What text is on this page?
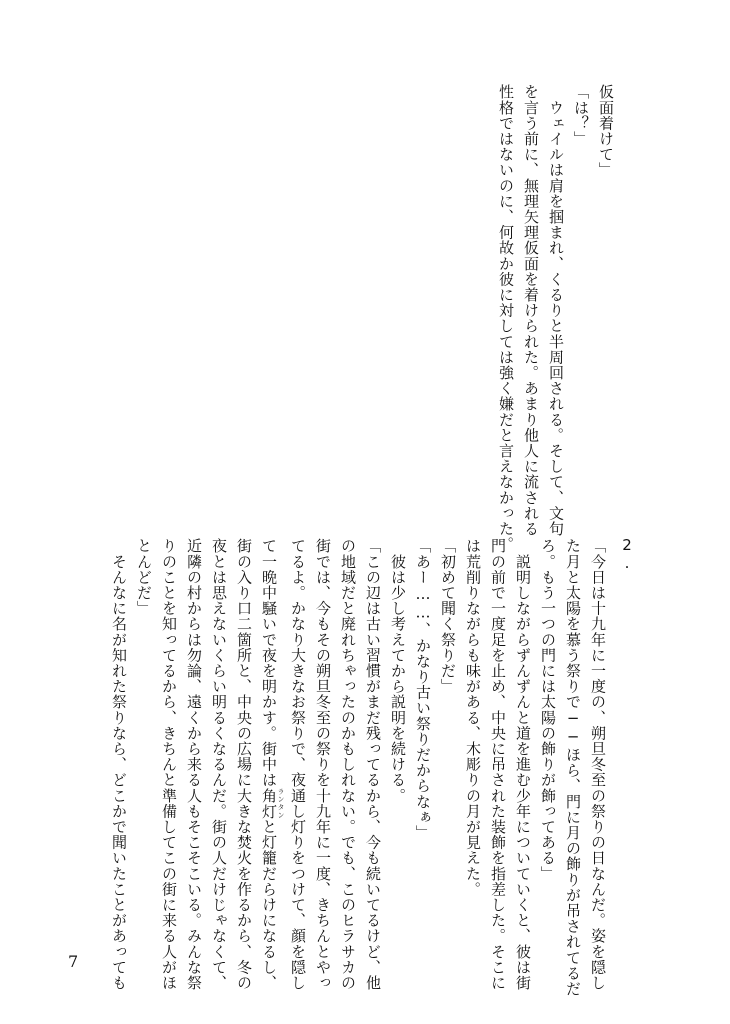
仮面着けて」
「は？」
　ウェイルは肩を掴まれ、くるりと半周回される。そして、文句
を言う前に、無理矢理仮面を着けられた。あまり他人に流される
性格ではないのに、何故か彼に対しては強く嫌だと言えなかった。
2.
「今日は十九年に一度の、朔旦冬至の祭りの日なんだ。姿を隠し
た月と太陽を慕う祭りで──ほら、門に月の飾りが吊されてるだ
ろ。もう一つの門には太陽の飾りが飾ってある」
　説明しながらずんずんと道を進む少年についていくと、彼は街
門の前で一度足を止め、中央に吊された装飾を指差した。そこに
は荒削りながらも味がある、木彫りの月が見えた。
「初めて聞く祭りだ」
「あー……、かなり古い祭りだからなぁ」
　彼は少し考えてから説明を続ける。
「この辺は古い習慣がまだ残ってるから、今も続いてるけど、他
の地域だと廃れちゃったのかもしれない。でも、このヒラサカの
街では、今もその朔旦冬至の祭りを十九年に一度、きちんとやっ
てるよ。かなり大きなお祭りで、夜通し灯りをつけて、顔を隠し
て一晩中騒いで夜を明かす。街中は角灯 ランタンと灯籠だらけになるし、
街の入り口二箇所と、中央の広場に大きな焚火を作るから、冬の
夜とは思えないくらい明るくなるんだ。街の人だけじゃなくて、
近隣の村からは勿論、遠くから来る人もそこそこいる。みんな祭
りのことを知ってるから、きちんと準備してこの街に来る人がほ
とんどだ」
　そんなに名が知れた祭りなら、どこかで聞いたことがあっても
7
